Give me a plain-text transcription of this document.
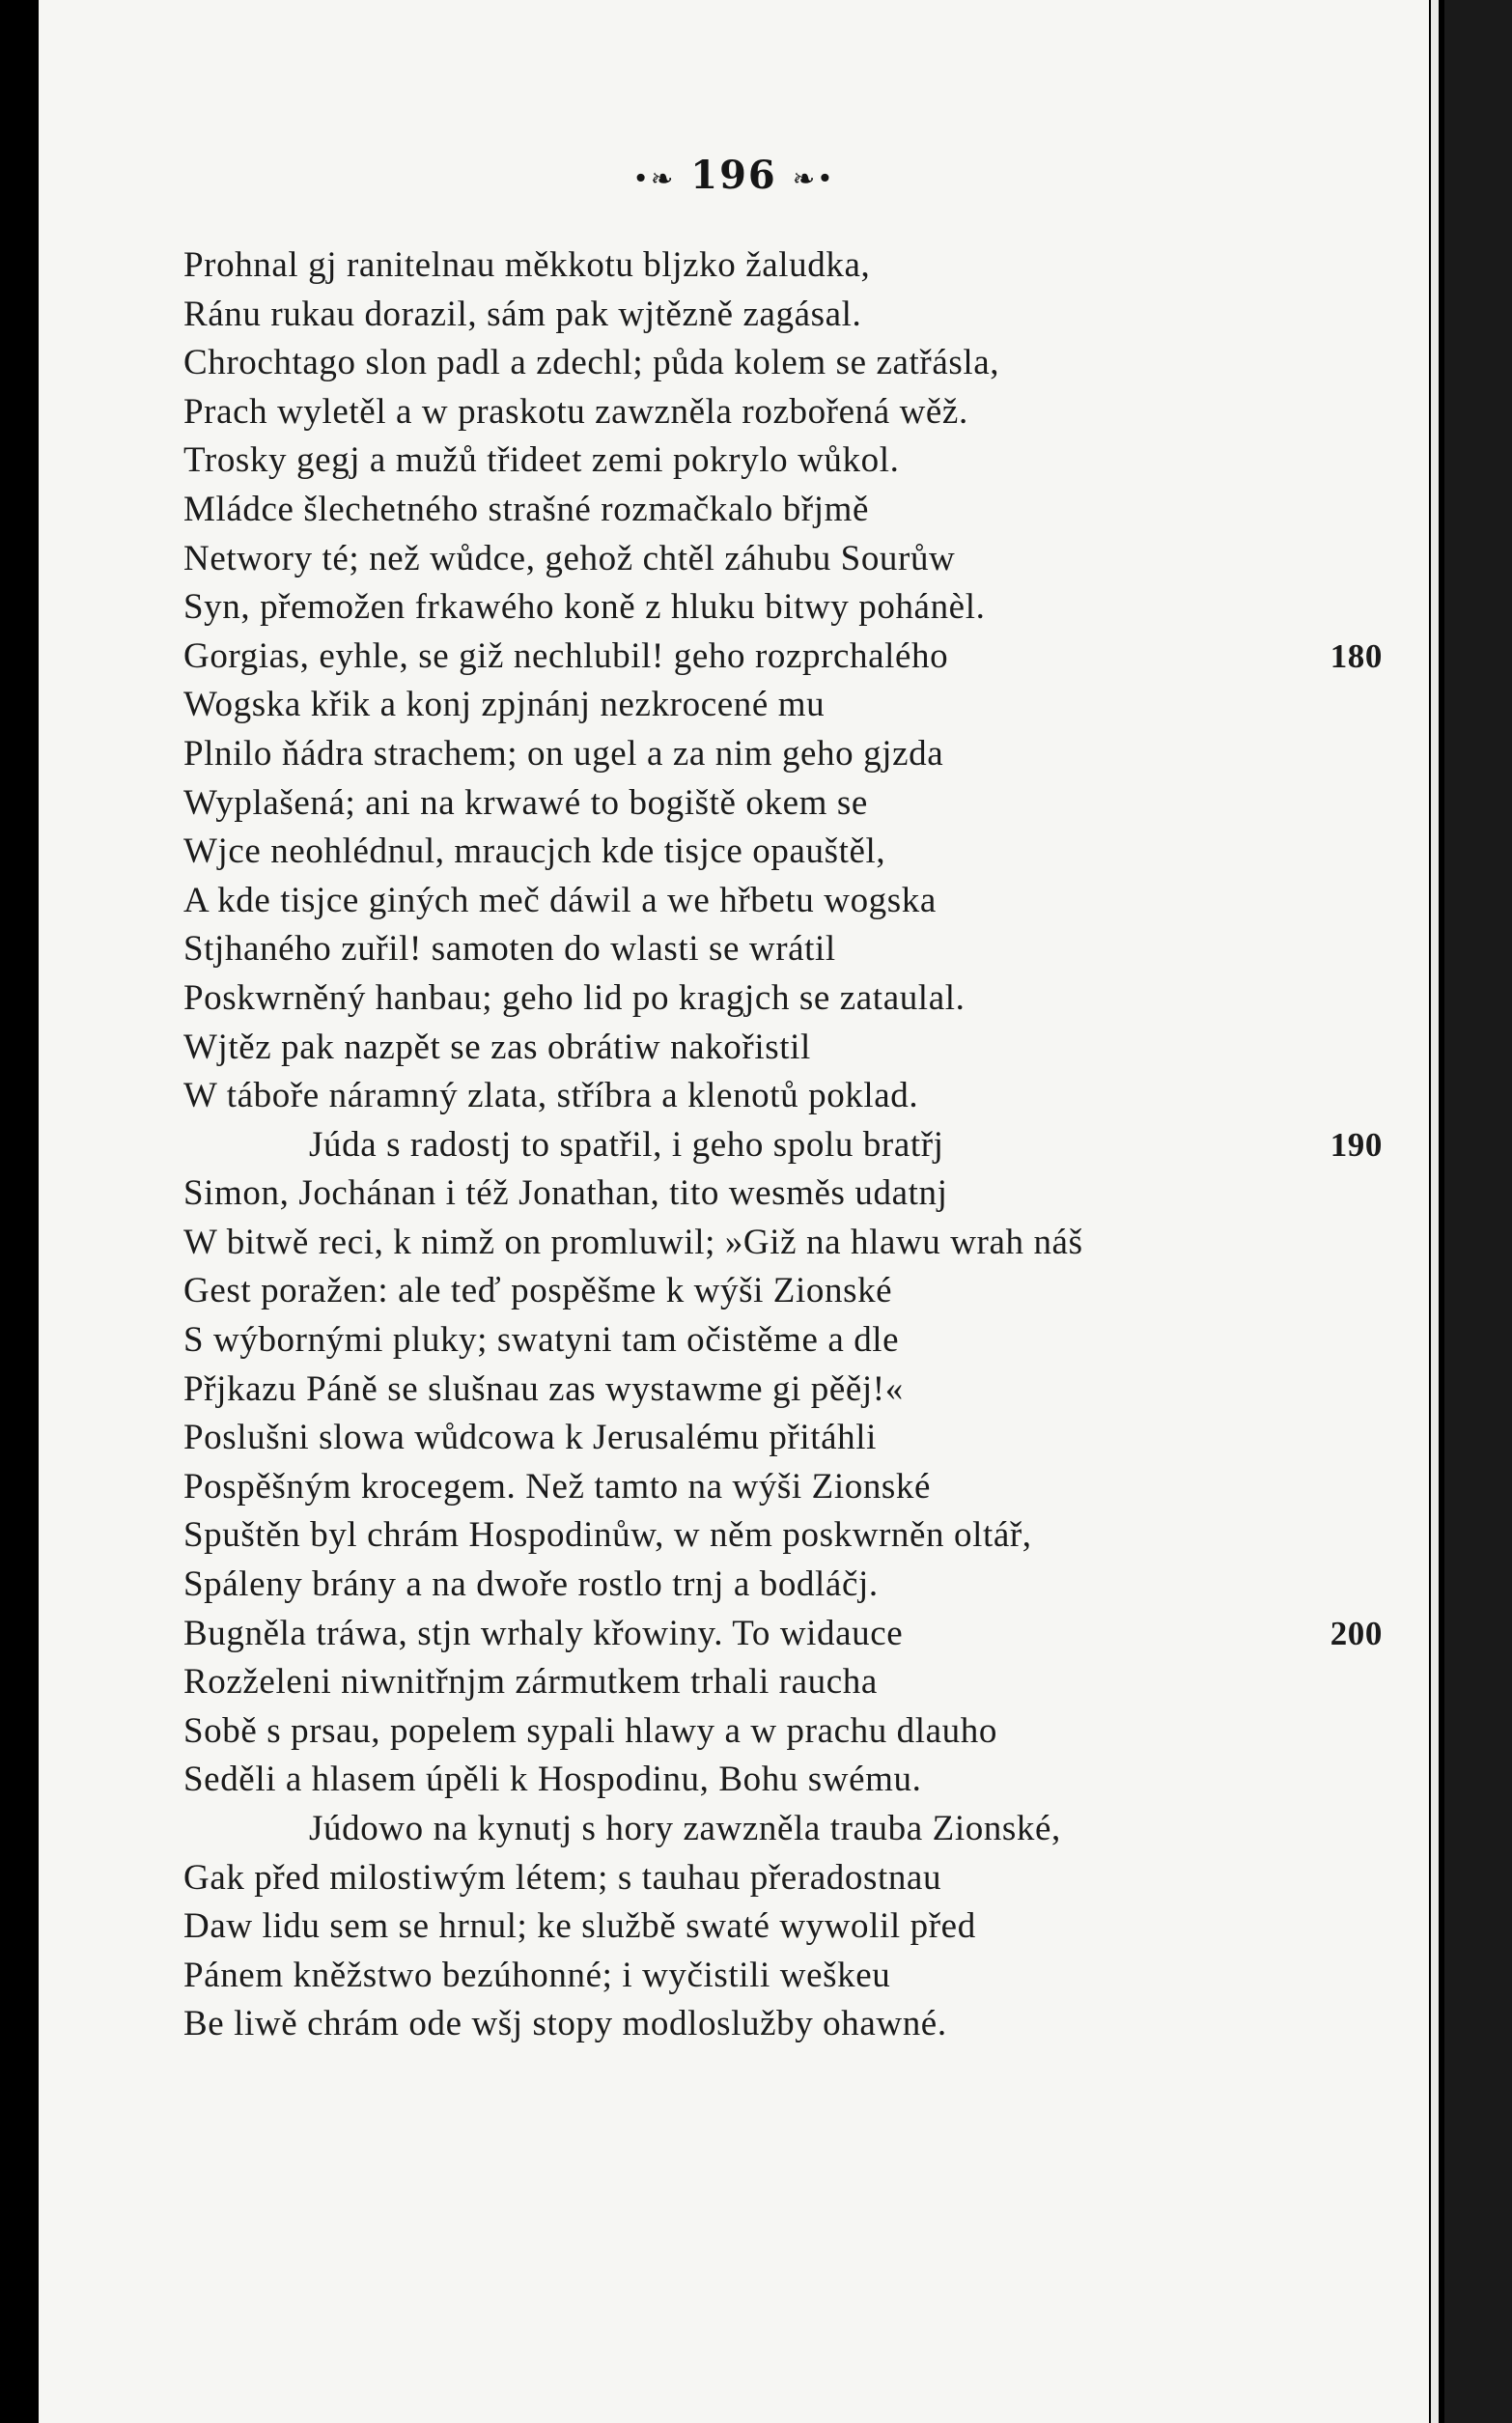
•❧ 196 ❧•
Prohnal gj ranitelnau měkkotu bljzko žaludka,
Ránu rukau dorazil, sám pak wjtězně zagásal.
Chrochtago slon padl a zdechl; půda kolem se zatřásla,
Prach wyletěl a w praskotu zawzněla rozbořená wěž.
Trosky gegj a mužů třideet zemi pokrylo wůkol.
Mládce šlechetného strašné rozmačkalo břjmě
Networy té; než wůdce, gehož chtěl záhubu Sourůw
Syn, přemožen frkawého koně z hluku bitwy pohánèl.
Gorgias, eyhle, se giž nechlubil! geho rozprchalého	180
Wogska křik a konj zpjnánj nezkrocené mu
Plnilo ňádra strachem; on ugel a za nim geho gjzda
Wyplašená; ani na krwawé to bogiště okem se
Wjce neohlédnul, mraucjch kde tisjce opauštěl,
A kde tisjce giných meč dáwil a we hřbetu wogska
Stjhaného zuřil! samoten do wlasti se wrátil
Poskwrněný hanbau; geho lid po kragjch se zataulal.
Wjtěz pak nazpět se zas obrátiw nakořistil
W táboře náramný zlata, stříbra a klenotů poklad.
Júda s radostj to spatřil, i geho spolu bratřj	190
Simon, Jochánan i též Jonathan, tito wesměs udatnj
W bitwě reci, k nimž on promluwil; »Giž na hlawu wrah náš
Gest poražen: ale teď pospěšme k wýši Zionské
S wýbornými pluky; swatyni tam očistěme a dle
Přjkazu Páně se slušnau zas wystawme gi pěěj!«
Poslušni slowa wůdcowa k Jerusalému přitáhli
Pospěšným krocegem. Než tamto na wýši Zionské
Spuštěn byl chrám Hospodinůw, w něm poskwrněn oltář,
Spáleny brány a na dwoře rostlo trnj a bodláčj.
Bugněla tráwa, stjn wrhaly křowiny. To widauce	200
Rozželeni niwnitřnjm zármutkem trhali raucha
Sobě s prsau, popelem sypali hlawy a w prachu dlauho
Seděli a hlasem úpěli k Hospodinu, Bohu swému.
Júdowo na kynutj s hory zawzněla trauba Zionské,
Gak před milostiwým létem; s tauhau přeradostnau
Daw lidu sem se hrnul; ke službě swaté wywolil před
Pánem kněžstwo bezúhonné; i wyčistili weškeu
Be liwě chrám ode wšj stopy modloslužby ohawné.
